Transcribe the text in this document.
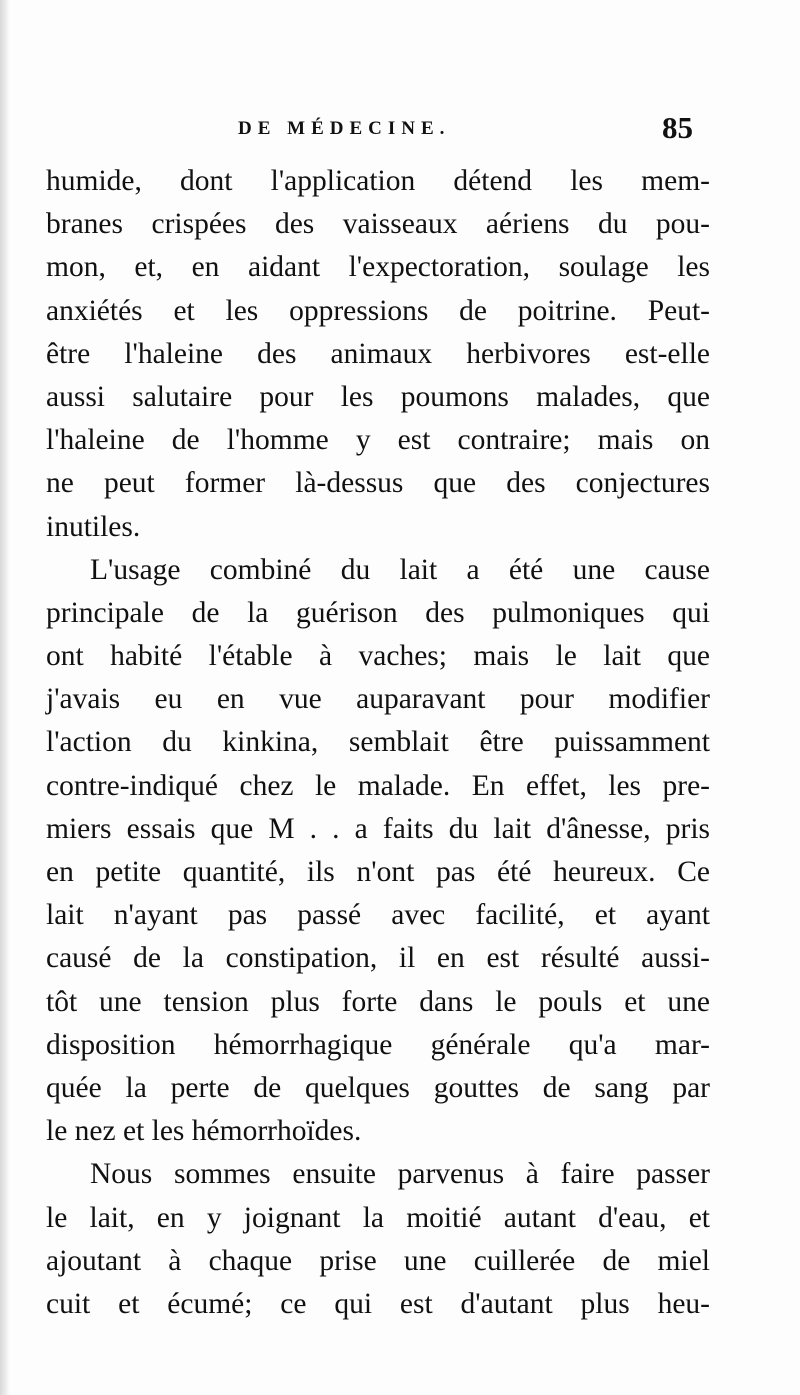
DE MÉDECINE.	85
humide, dont l'application détend les mem-
branes crispées des vaisseaux aériens du pou-
mon, et, en aidant l'expectoration, soulage les
anxiétés et les oppressions de poitrine. Peut-
être l'haleine des animaux herbivores est-elle
aussi salutaire pour les poumons malades, que
l'haleine de l'homme y est contraire; mais on
ne peut former là-dessus que des conjectures
inutiles.
L'usage combiné du lait a été une cause
principale de la guérison des pulmoniques qui
ont habité l'étable à vaches; mais le lait que
j'avais eu en vue auparavant pour modifier
l'action du kinkina, semblait être puissamment
contre-indiqué chez le malade. En effet, les pre-
miers essais que M . . a faits du lait d'ânesse, pris
en petite quantité, ils n'ont pas été heureux. Ce
lait n'ayant pas passé avec facilité, et ayant
causé de la constipation, il en est résulté aussi-
tôt une tension plus forte dans le pouls et une
disposition hémorrhagique générale qu'a mar-
quée la perte de quelques gouttes de sang par
le nez et les hémorrhoïdes.
Nous sommes ensuite parvenus à faire passer
le lait, en y joignant la moitié autant d'eau, et
ajoutant à chaque prise une cuillerée de miel
cuit et écumé; ce qui est d'autant plus heu-
